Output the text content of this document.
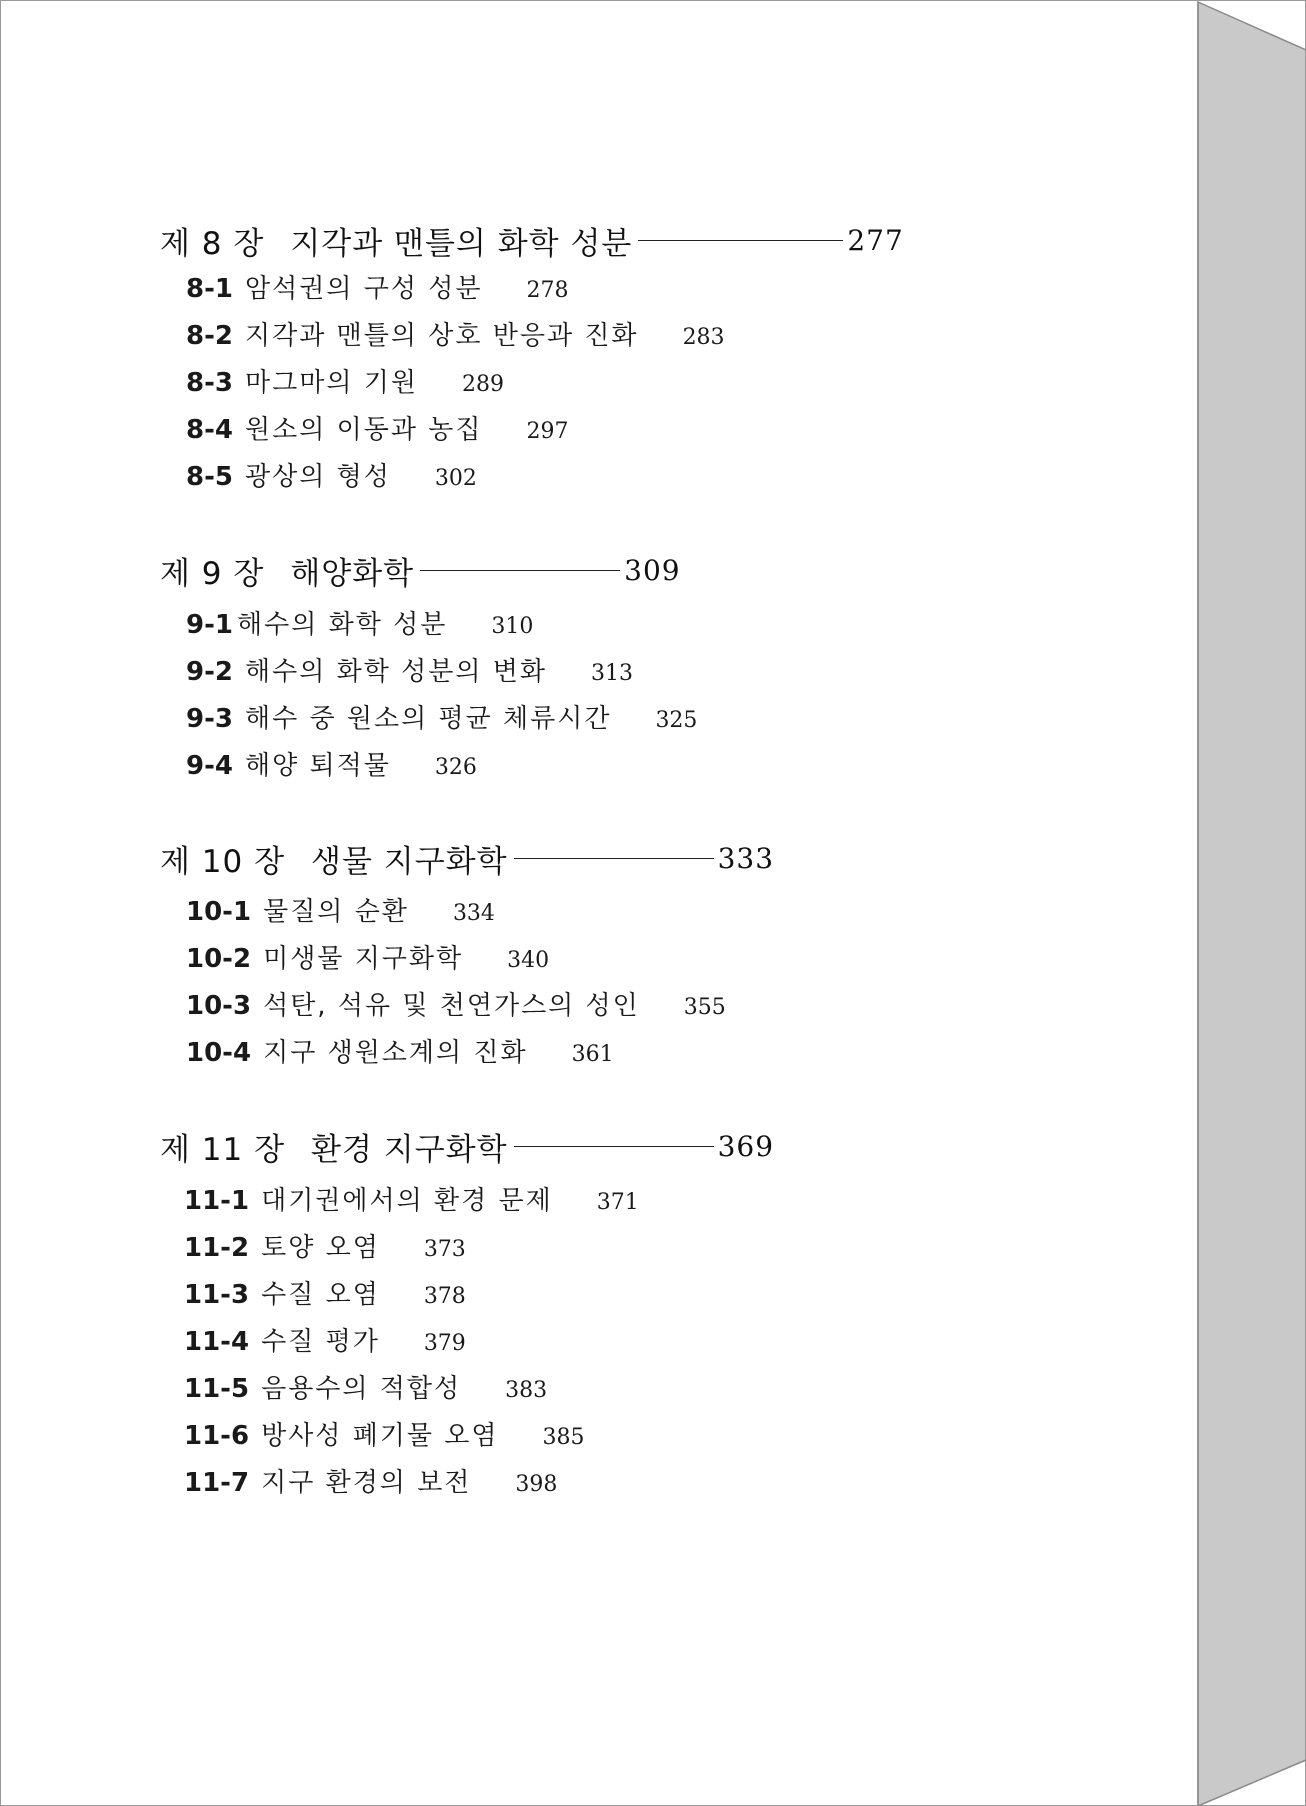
제 8 장 지각과 맨틀의 화학 성분	277
8-1 암석권의 구성 성분 278
8-2 지각과 맨틀의 상호 반응과 진화 283
8-3 마그마의 기원 289
8-4 원소의 이동과 농집 297
8-5 광상의 형성 302
제 9 장 해양화학	309
9-1 해수의 화학 성분 310
9-2 해수의 화학 성분의 변화 313
9-3 해수 중 원소의 평균 체류시간 325
9-4 해양 퇴적물 326
제 10 장 생물 지구화학	333
10-1 물질의 순환 334
10-2 미생물 지구화학 340
10-3 석탄, 석유 및 천연가스의 성인 355
10-4 지구 생원소계의 진화 361
제 11 장 환경 지구화학	369
11-1 대기권에서의 환경 문제 371
11-2 토양 오염 373
11-3 수질 오염 378
11-4 수질 평가 379
11-5 음용수의 적합성 383
11-6 방사성 폐기물 오염 385
11-7 지구 환경의 보전 398
